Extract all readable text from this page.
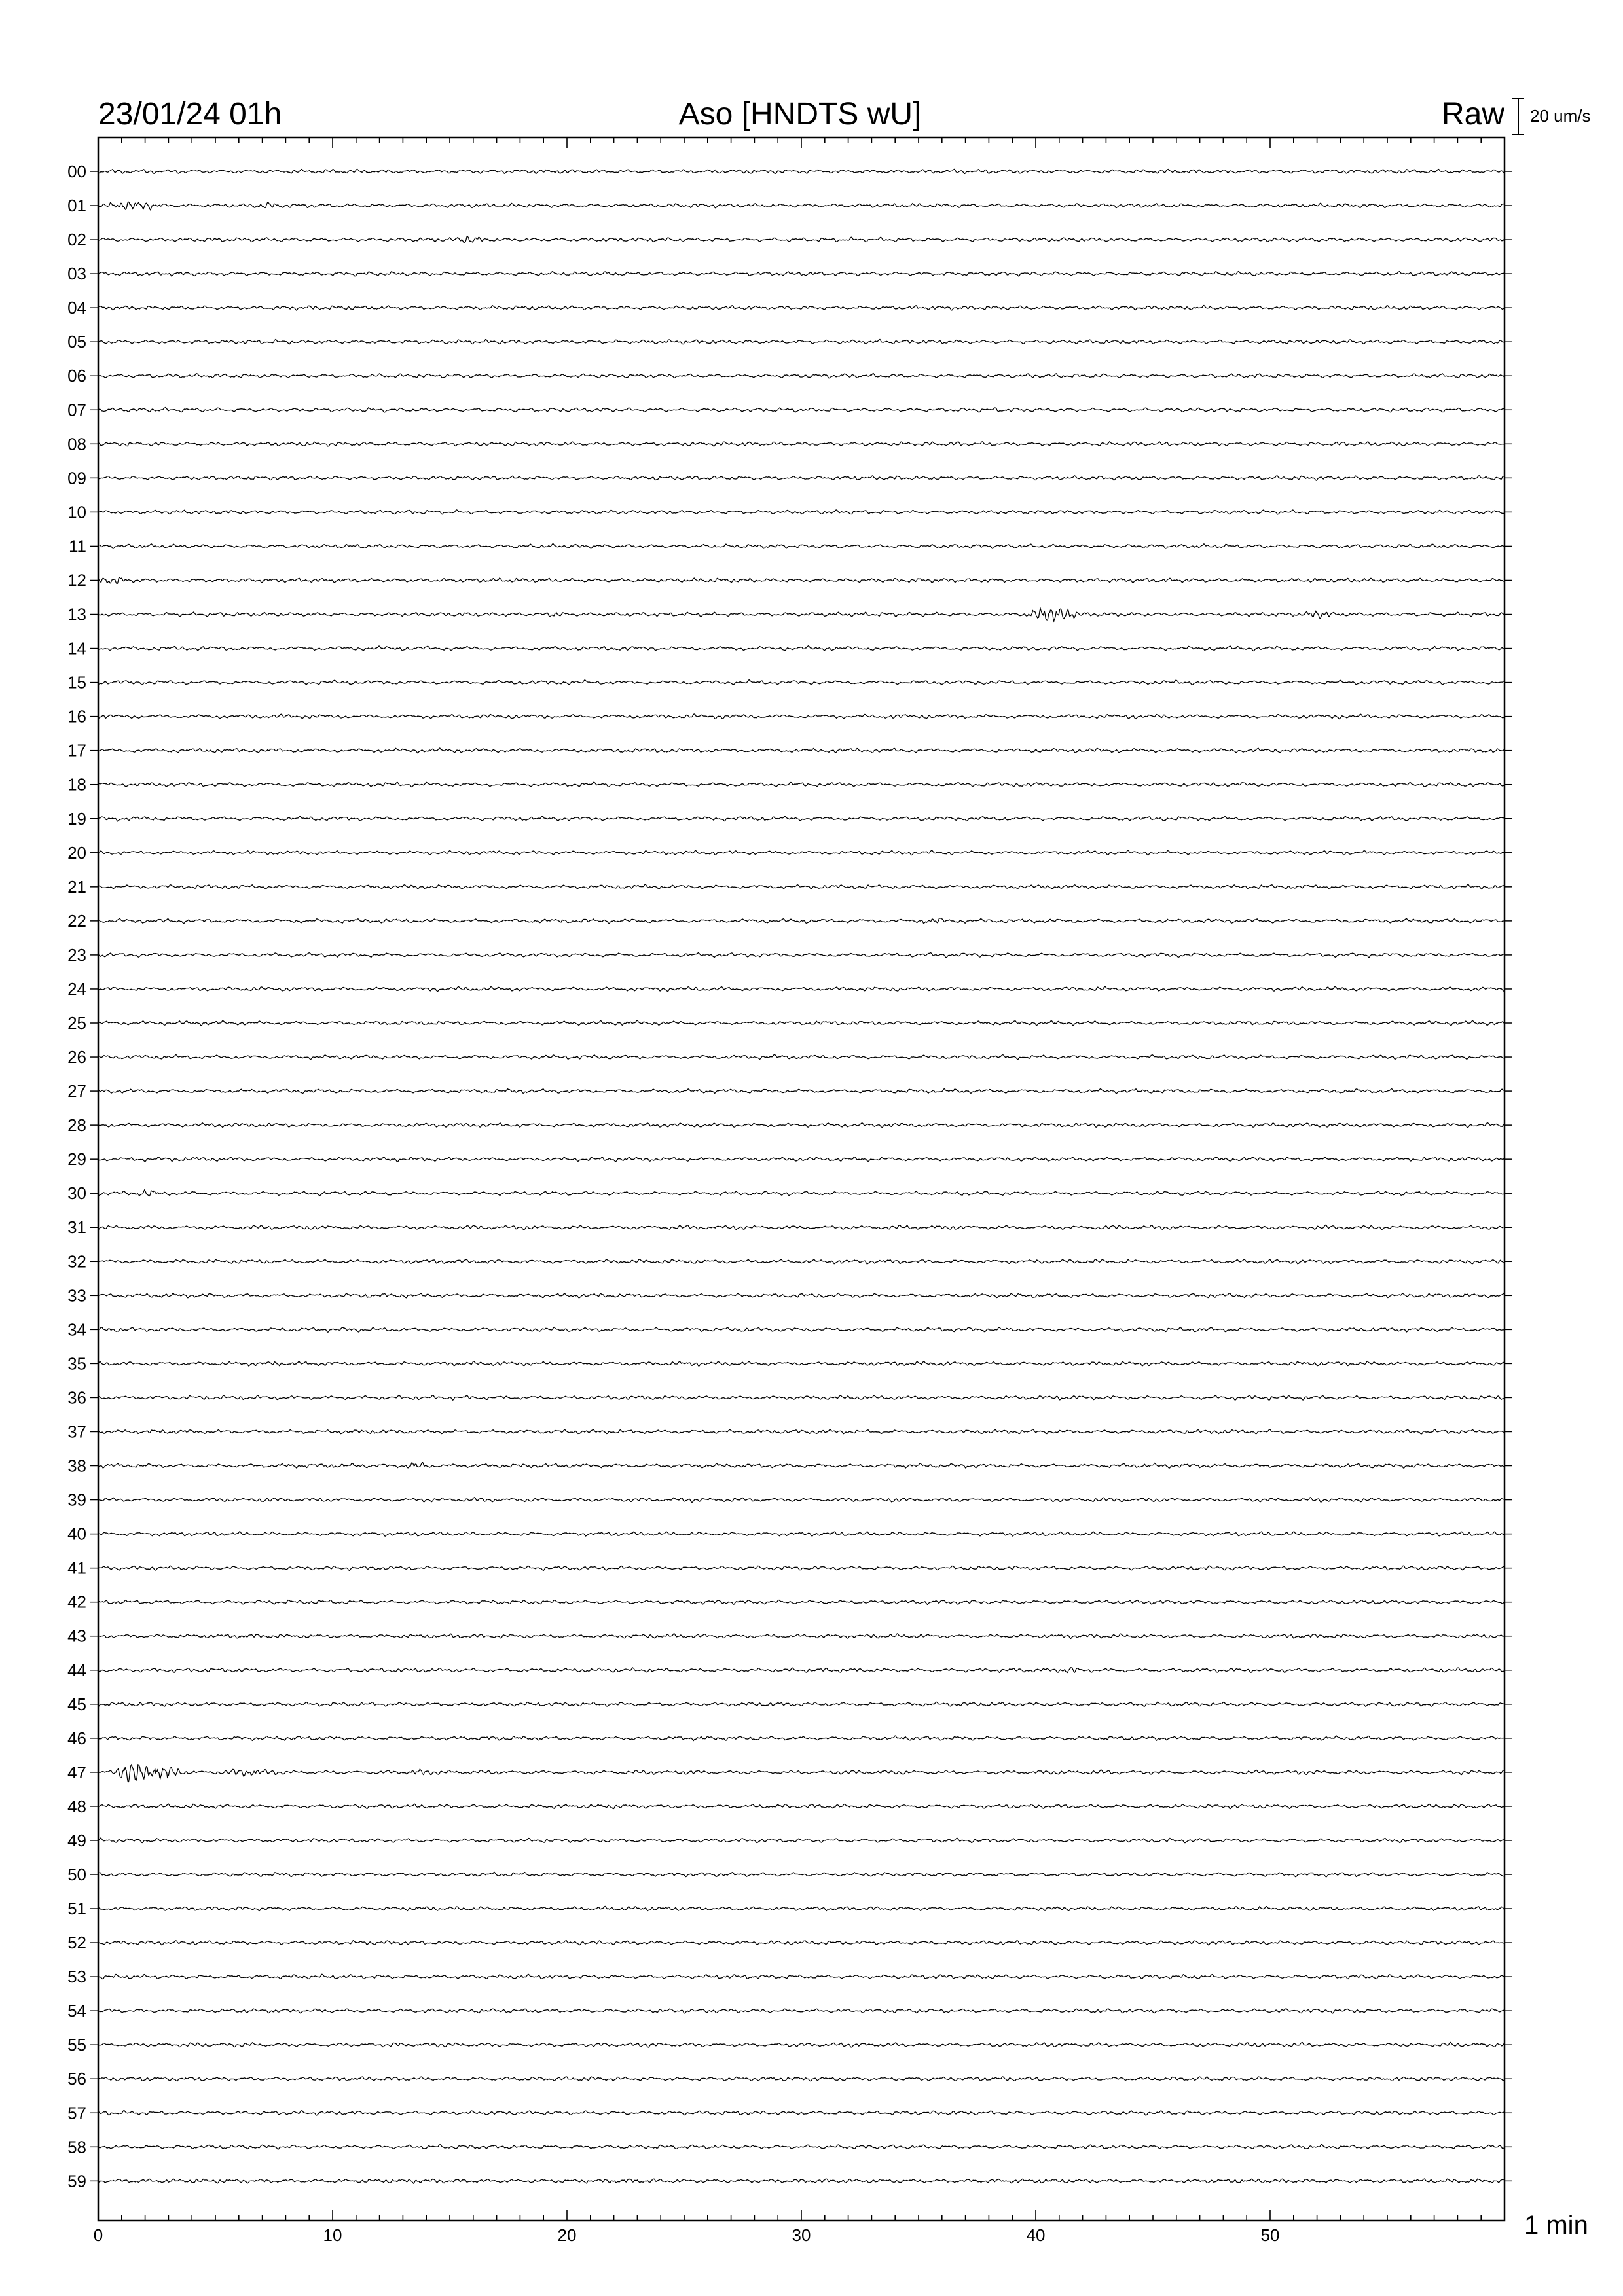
23/01/24 01h	Aso [HNDTS wU]	Raw 20 um/s
00
01
02
03
04
05
06
07
08
09
10
11
12
13
14
15
16
17
18
19
20
21
22
23
24
25
26
27
28
29
30
31
32
33
34
35
36
37
38
39
40
41
42
43
44
45
46
47
48
49
50
51
52
53
54
55
56
57
58
59
0	10	20	30	40	50	1 min
